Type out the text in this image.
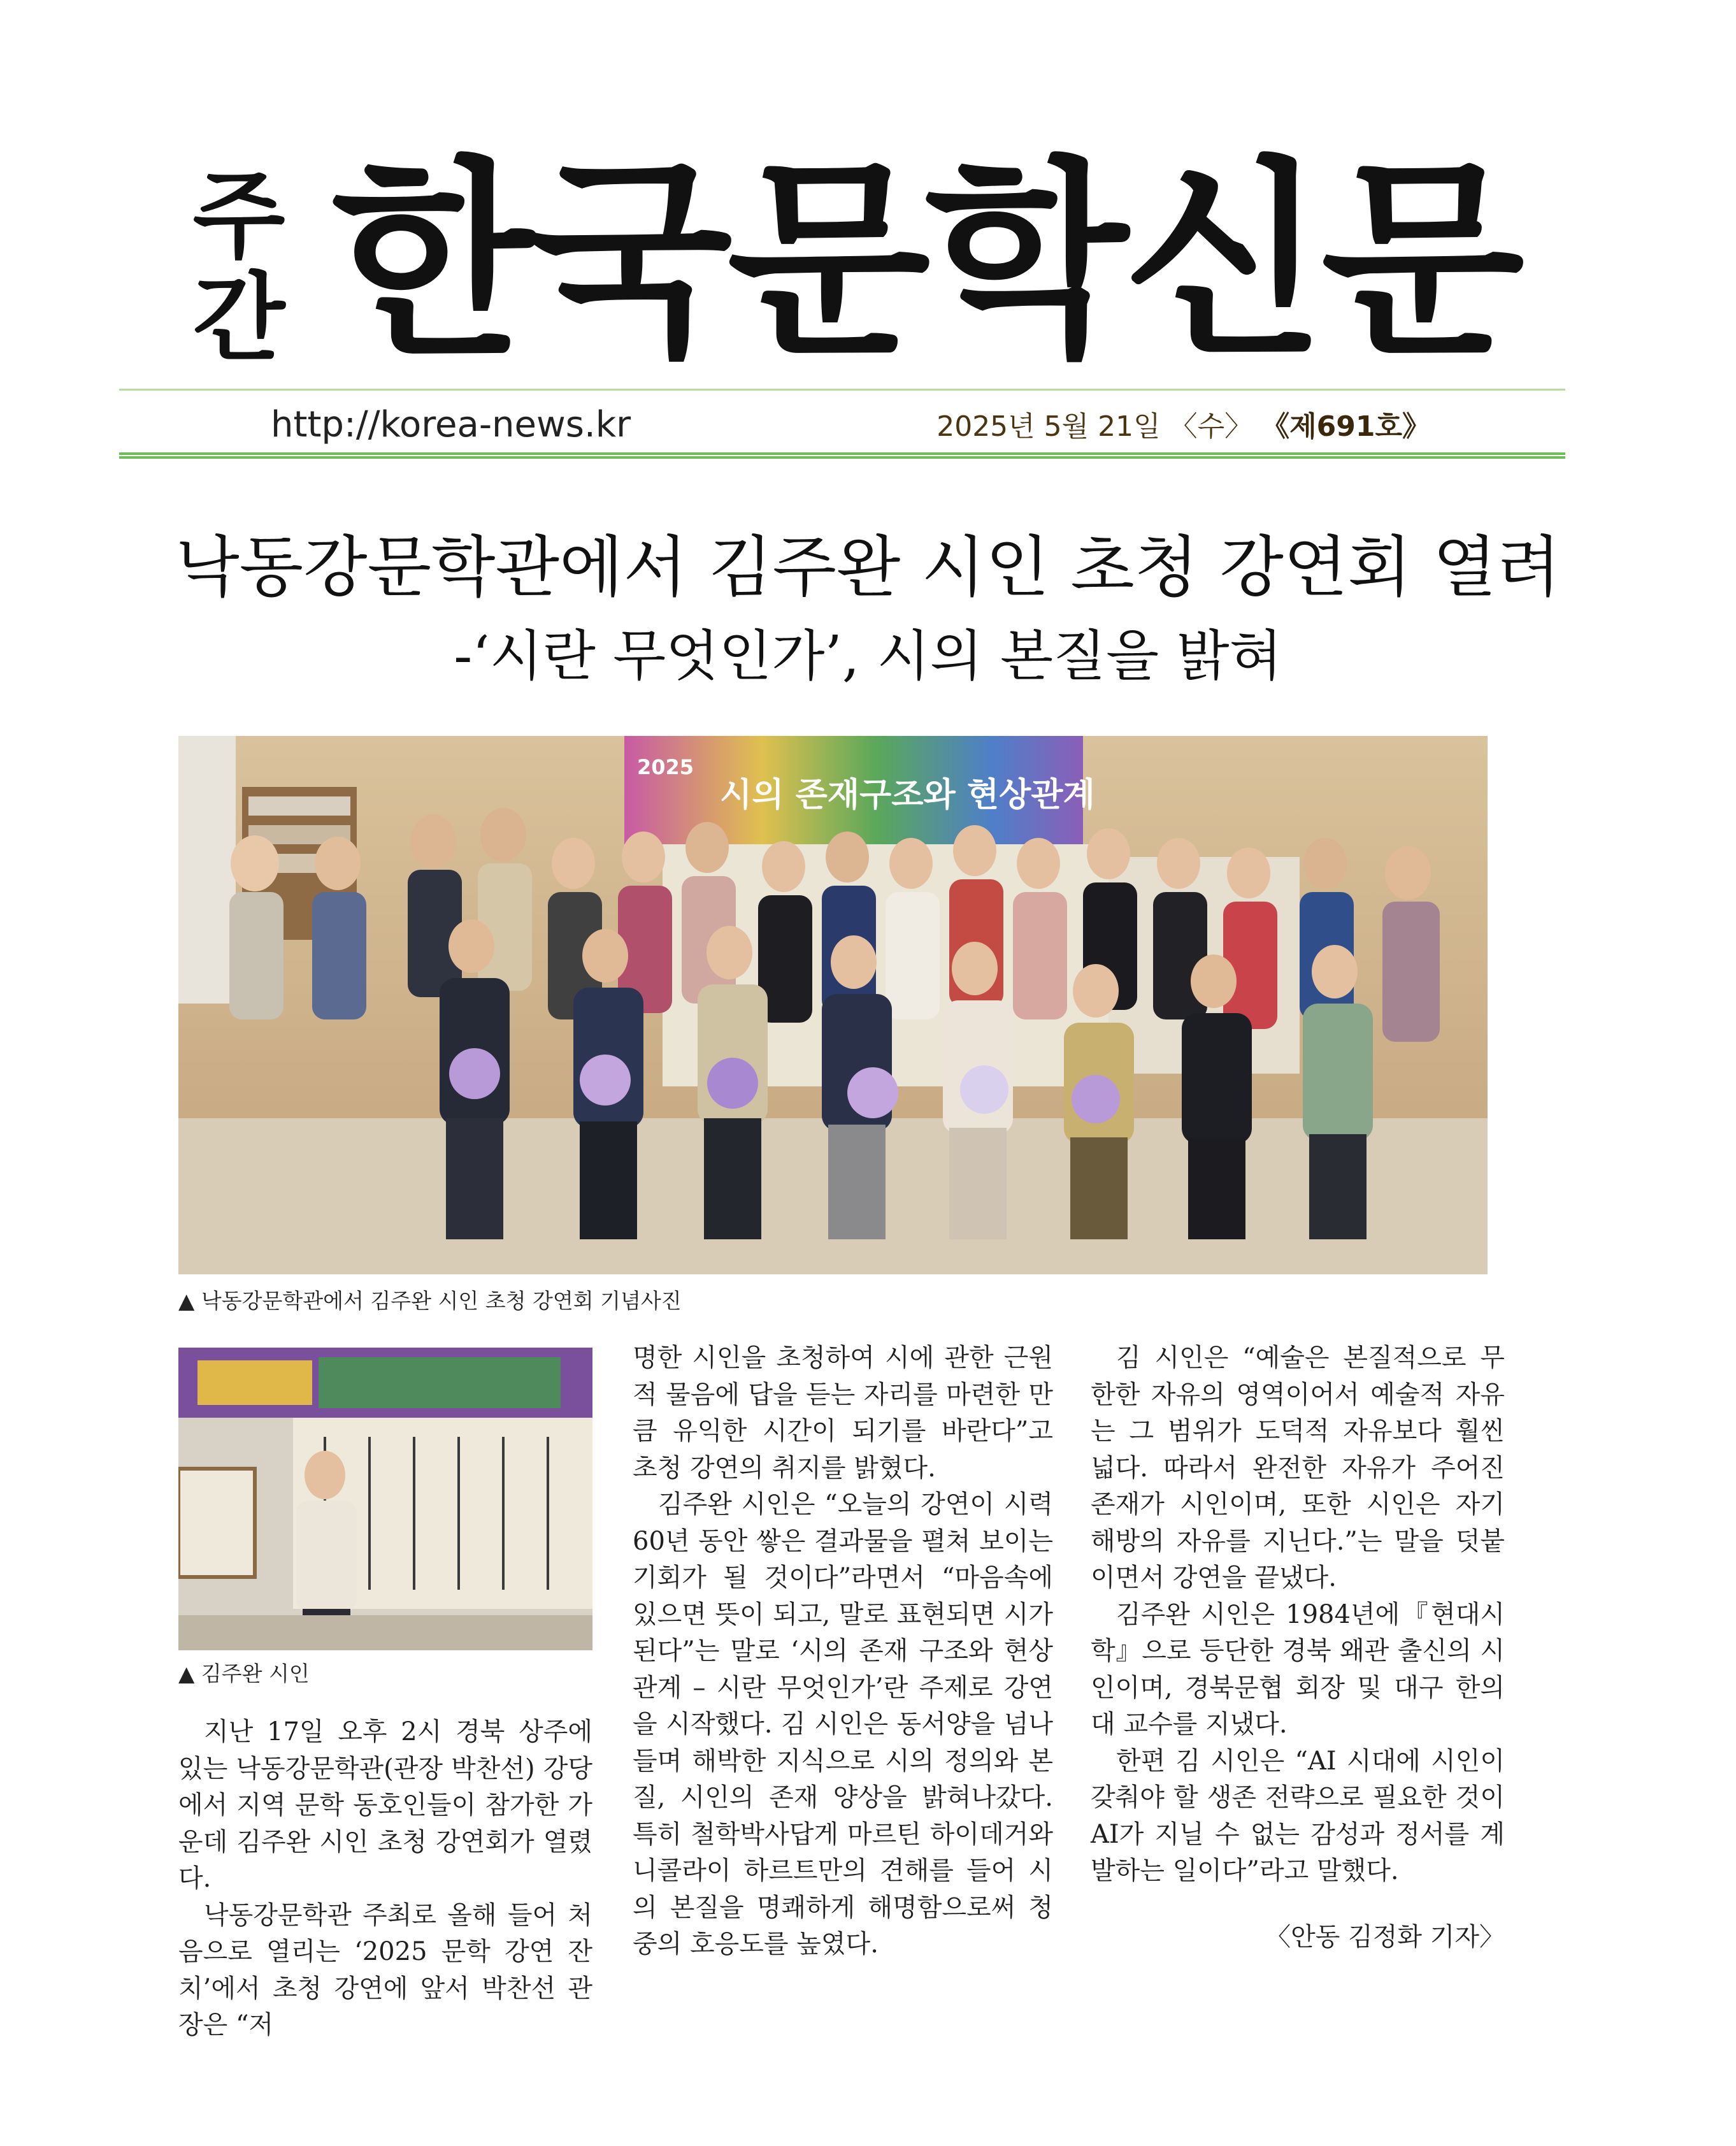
주
간 한국문학신문
http://korea-news.kr	2025년 5월 21일 〈수〉 《제691호》
낙동강문학관에서 김주완 시인 초청 강연회 열려
-‘시란 무엇인가’, 시의 본질을 밝혀
2025
시의 존재구조와 현상관계
▲ 낙동강문학관에서 김주완 시인 초청 강연회 기념사진
▲ 김주완 시인

지난 17일 오후 2시 경북 상주에 있는 낙동강문학관(관장 박찬선) 강당에서 지역 문학 동호인들이 참가한 가운데 김주완 시인 초청 강연회가 열렸다.

낙동강문학관 주최로 올해 들어 처음으로 열리는 ‘2025 문학 강연 잔치’에서 초청 강연에 앞서 박찬선 관장은 “저

명한 시인을 초청하여 시에 관한 근원적 물음에 답을 듣는 자리를 마련한 만큼 유익한 시간이 되기를 바란다”고 초청 강연의 취지를 밝혔다.

김주완 시인은 “오늘의 강연이 시력 60년 동안 쌓은 결과물을 펼쳐 보이는 기회가 될 것이다”라면서 “마음속에 있으면 뜻이 되고, 말로 표현되면 시가 된다”는 말로 ‘시의 존재 구조와 현상 관계 – 시란 무엇인가’란 주제로 강연을 시작했다. 김 시인은 동서양을 넘나들며 해박한 지식으로 시의 정의와 본질, 시인의 존재 양상을 밝혀나갔다. 특히 철학박사답게 마르틴 하이데거와 니콜라이 하르트만의 견해를 들어 시의 본질을 명쾌하게 해명함으로써 청중의 호응도를 높였다.

김 시인은 “예술은 본질적으로 무한한 자유의 영역이어서 예술적 자유는 그 범위가 도덕적 자유보다 훨씬 넓다. 따라서 완전한 자유가 주어진 존재가 시인이며, 또한 시인은 자기 해방의 자유를 지닌다.”는 말을 덧붙이면서 강연을 끝냈다.

김주완 시인은 1984년에『현대시학』으로 등단한 경북 왜관 출신의 시인이며, 경북문협 회장 및 대구 한의대 교수를 지냈다.

한편 김 시인은 “AI 시대에 시인이 갖춰야 할 생존 전략으로 필요한 것이 AI가 지닐 수 없는 감성과 정서를 계발하는 일이다”라고 말했다.

〈안동 김정화 기자〉
